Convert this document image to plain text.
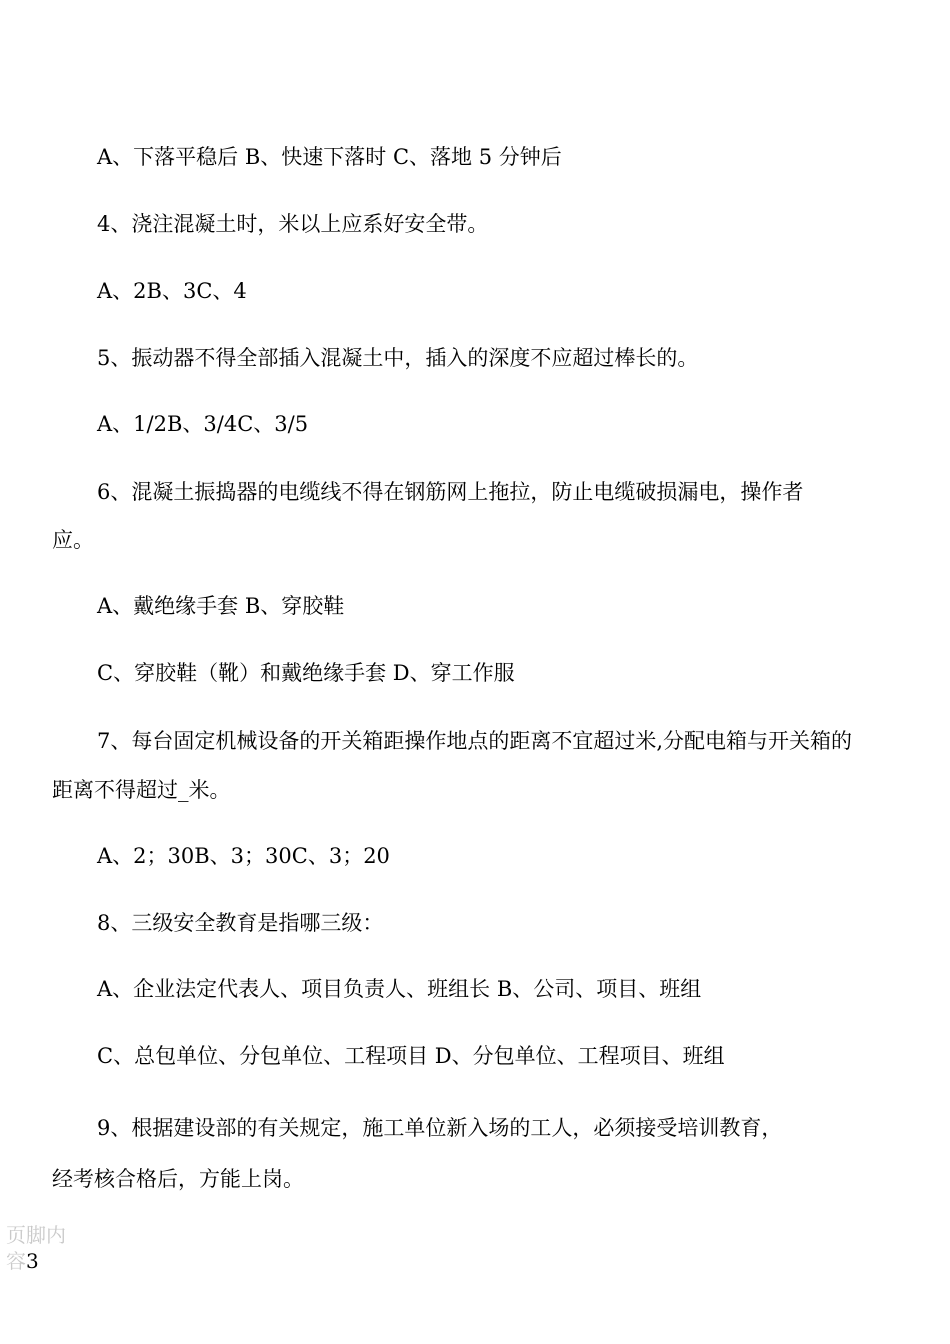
A、下落平稳后 B、快速下落时 C、落地 5 分钟后
4、浇注混凝土时，米以上应系好安全带。
A、2B、3C、4
5、振动器不得全部插入混凝土中，插入的深度不应超过棒长的。
A、1/2B、3/4C、3/5
6、混凝土振捣器的电缆线不得在钢筋网上拖拉，防止电缆破损漏电，操作者
应。
A、戴绝缘手套 B、穿胶鞋
C、穿胶鞋（靴）和戴绝缘手套 D、穿工作服
7、每台固定机械设备的开关箱距操作地点的距离不宜超过米,分配电箱与开关箱的
距离不得超过_米。
A、2；30B、3；30C、3；20
8、三级安全教育是指哪三级：
A、企业法定代表人、项目负责人、班组长 B、公司、项目、班组
C、总包单位、分包单位、工程项目 D、分包单位、工程项目、班组
9、根据建设部的有关规定，施工单位新入场的工人，必须接受培训教育，
经考核合格后，方能上岗。
页脚内
容3
